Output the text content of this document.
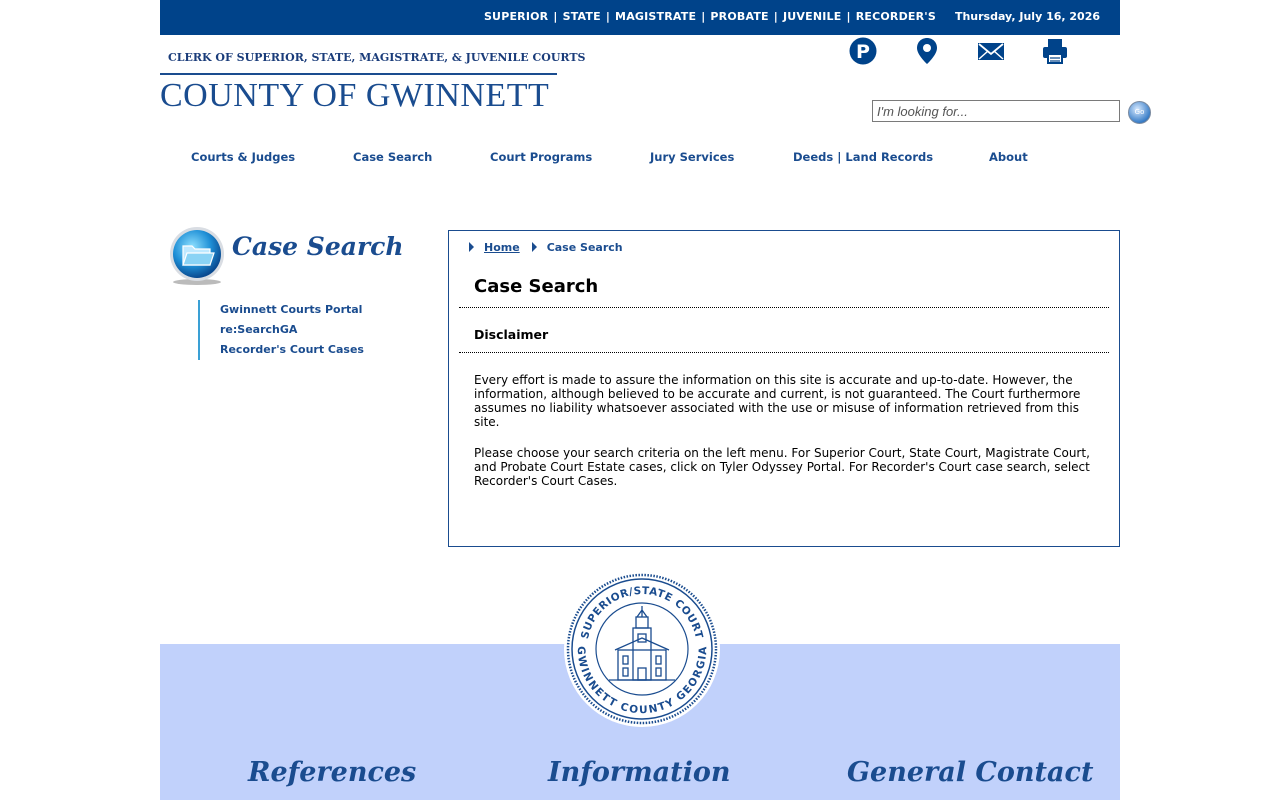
SUPERIOR | STATE | MAGISTRATE | PROBATE | JUVENILE | RECORDER'S Thursday, July 16, 2026
CLERK OF SUPERIOR, STATE, MAGISTRATE, & JUVENILE COURTS
COUNTY OF GWINNETT
P
I'm looking for...
Go
Courts & Judges	Case Search	Court Programs	Jury Services	Deeds | Land Records	About
Case Search
Gwinnett Courts Portal
re:SearchGA
Recorder's Court Cases
Home Case Search
Case Search
Disclaimer

Every effort is made to assure the information on this site is accurate and up-to-date. However, the information, although believed to be accurate and current, is not guaranteed. The Court furthermore assumes no liability whatsoever associated with the use or misuse of information retrieved from this site.

Please choose your search criteria on the left menu. For Superior Court, State Court, Magistrate Court, and Probate Court Estate cases, click on Tyler Odyssey Portal. For Recorder's Court case search, select Recorder's Court Cases.

SUPERIOR/STATE COURT
GWINNETT COUNTY GEORGIA
References	Information	General Contact
